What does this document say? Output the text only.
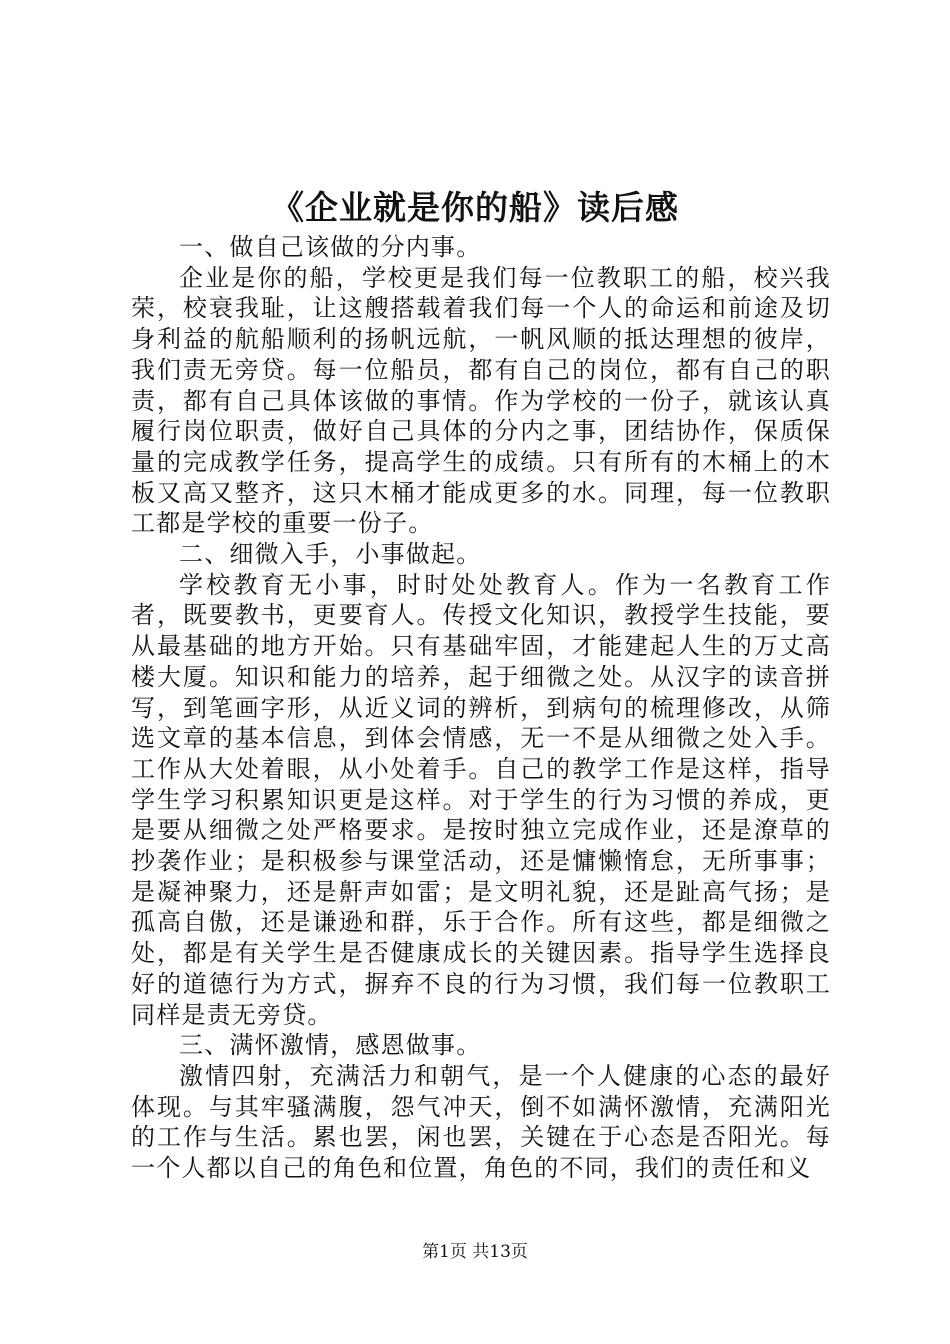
《企业就是你的船》读后感

一、做自己该做的分内事。

企业是你的船，学校更是我们每一位教职工的船，校兴我荣，校衰我耻，让这艘搭载着我们每一个人的命运和前途及切身利益的航船顺利的扬帆远航，一帆风顺的抵达理想的彼岸，我们责无旁贷。每一位船员，都有自己的岗位，都有自己的职责，都有自己具体该做的事情。作为学校的一份子，就该认真履行岗位职责，做好自己具体的分内之事，团结协作，保质保量的完成教学任务，提高学生的成绩。只有所有的木桶上的木板又高又整齐，这只木桶才能成更多的水。同理，每一位教职工都是学校的重要一份子。

二、细微入手，小事做起。

学校教育无小事，时时处处教育人。作为一名教育工作者，既要教书，更要育人。传授文化知识，教授学生技能，要从最基础的地方开始。只有基础牢固，才能建起人生的万丈高楼大厦。知识和能力的培养，起于细微之处。从汉字的读音拼写，到笔画字形，从近义词的辨析，到病句的梳理修改，从筛选文章的基本信息，到体会情感，无一不是从细微之处入手。工作从大处着眼，从小处着手。自己的教学工作是这样，指导学生学习积累知识更是这样。对于学生的行为习惯的养成，更是要从细微之处严格要求。是按时独立完成作业，还是潦草的抄袭作业；是积极参与课堂活动，还是慵懒惰怠，无所事事；是凝神聚力，还是鼾声如雷；是文明礼貌，还是趾高气扬；是孤高自傲，还是谦逊和群，乐于合作。所有这些，都是细微之处，都是有关学生是否健康成长的关键因素。指导学生选择良好的道德行为方式，摒弃不良的行为习惯，我们每一位教职工同样是责无旁贷。

三、满怀激情，感恩做事。

激情四射，充满活力和朝气，是一个人健康的心态的最好体现。与其牢骚满腹，怨气冲天，倒不如满怀激情，充满阳光的工作与生活。累也罢，闲也罢，关键在于心态是否阳光。每一个人都以自己的角色和位置，角色的不同，我们的责任和义

第1页 共13页
